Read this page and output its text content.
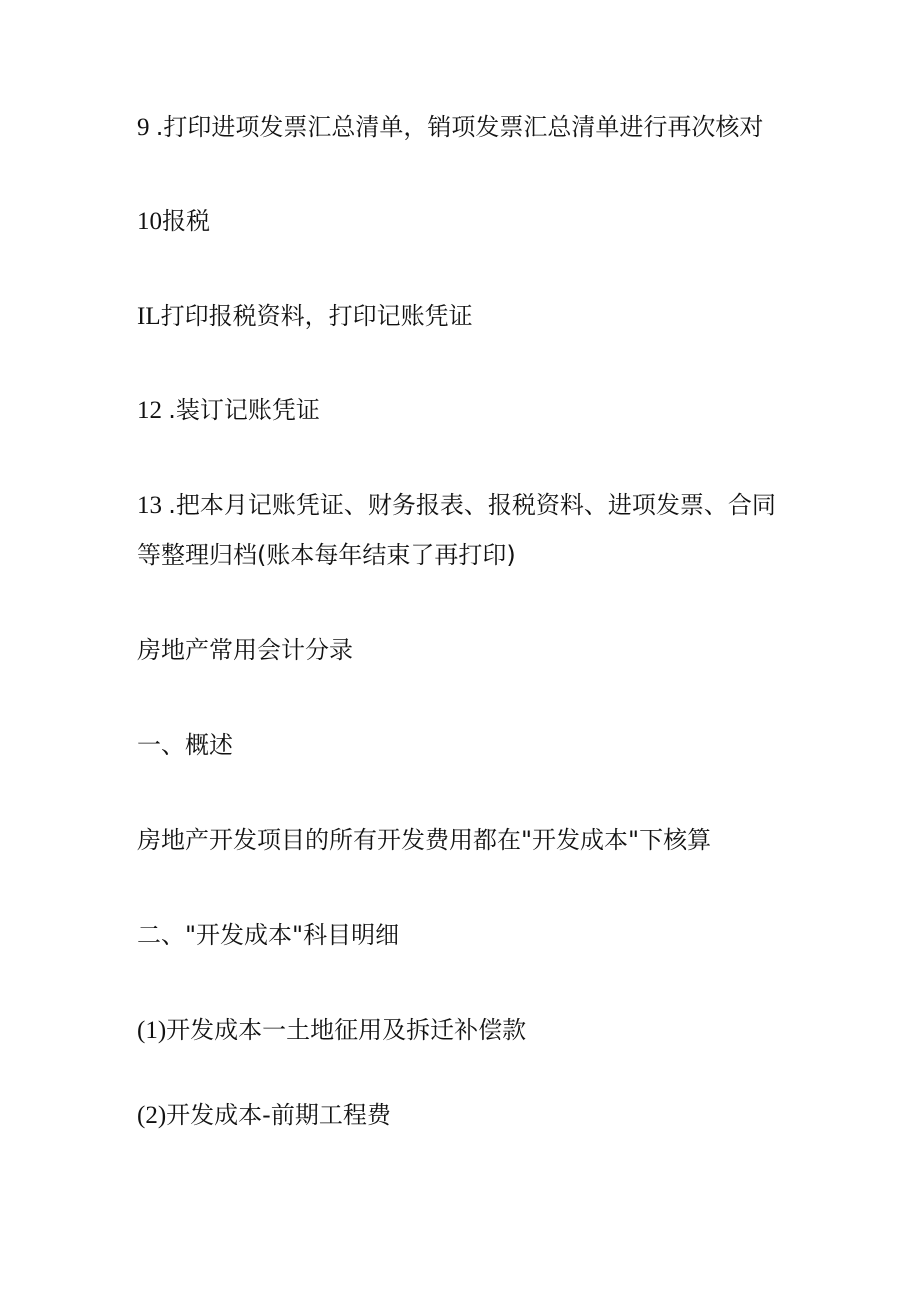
9 .打印进项发票汇总清单，销项发票汇总清单进行再次核对
10报税
IL打印报税资料，打印记账凭证
12 .装订记账凭证
13 .把本月记账凭证、财务报表、报税资料、进项发票、合同
等整理归档(账本每年结束了再打印)
房地产常用会计分录
一、概述
房地产开发项目的所有开发费用都在"开发成本"下核算
二、"开发成本"科目明细
(1)开发成本一土地征用及拆迁补偿款
(2)开发成本-前期工程费
